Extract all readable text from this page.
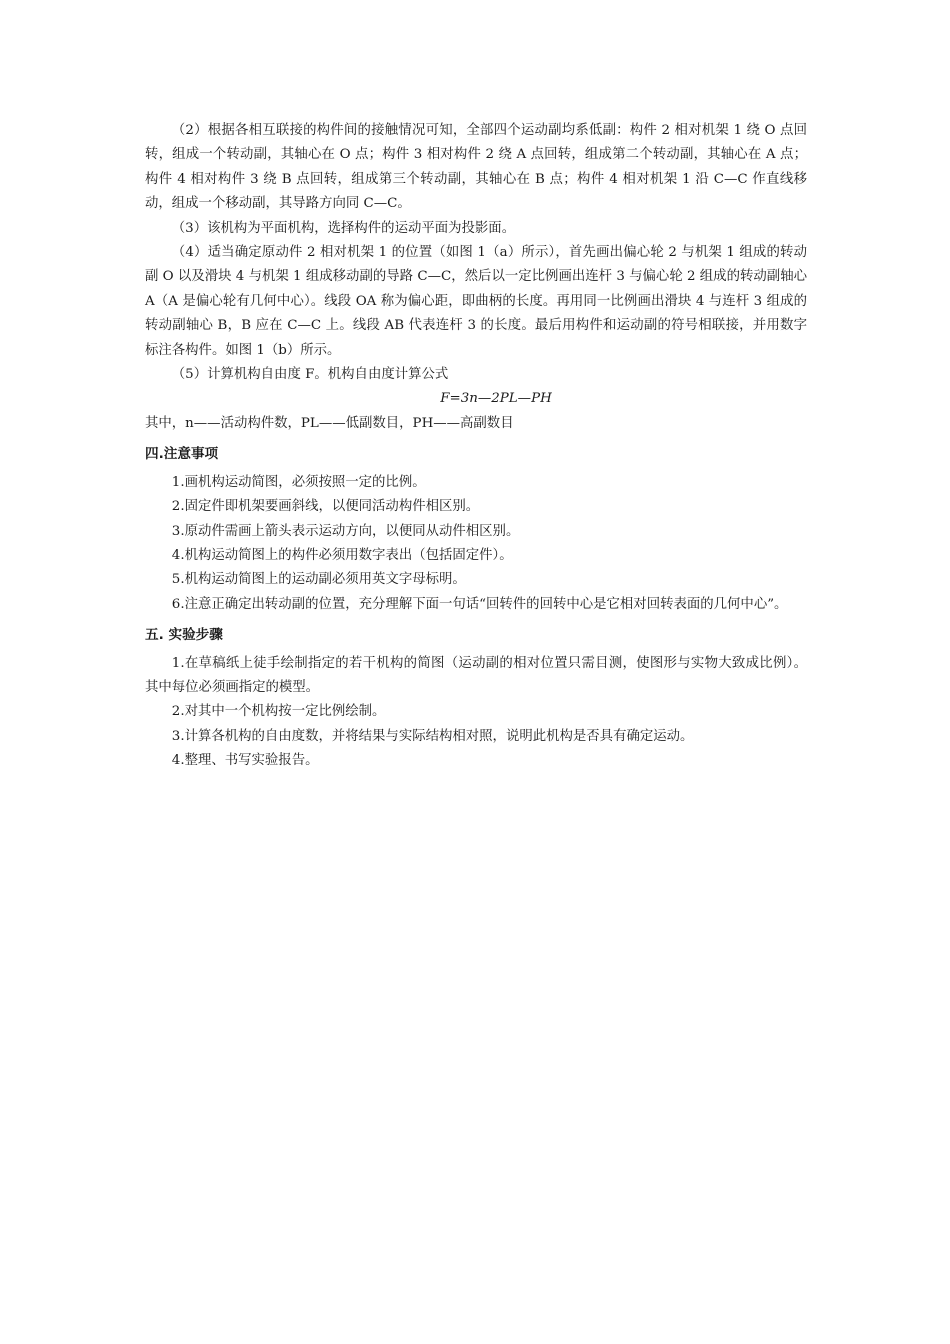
（2）根据各相互联接的构件间的接触情况可知，全部四个运动副均系低副：构件 2 相对机架 1 绕 O 点回转，组成一个转动副，其轴心在 O 点；构件 3 相对构件 2 绕 A 点回转，组成第二个转动副，其轴心在 A 点；构件 4 相对构件 3 绕 B 点回转，组成第三个转动副，其轴心在 B 点；构件 4 相对机架 1 沿 C—C 作直线移动，组成一个移动副，其导路方向同 C—C。

（3）该机构为平面机构，选择构件的运动平面为投影面。

（4）适当确定原动件 2 相对机架 1 的位置（如图 1（a）所示），首先画出偏心轮 2 与机架 1 组成的转动副 O 以及滑块 4 与机架 1 组成移动副的导路 C—C，然后以一定比例画出连杆 3 与偏心轮 2 组成的转动副轴心 A（A 是偏心轮有几何中心）。线段 OA 称为偏心距，即曲柄的长度。再用同一比例画出滑块 4 与连杆 3 组成的转动副轴心 B，B 应在 C—C 上。线段 AB 代表连杆 3 的长度。最后用构件和运动副的符号相联接，并用数字标注各构件。如图 1（b）所示。

（5）计算机构自由度 F。机构自由度计算公式

F=3n—2PL—PH

其中，n——活动构件数，PL——低副数目，PH——高副数目

四.注意事项

1.画机构运动简图，必须按照一定的比例。

2.固定件即机架要画斜线，以便同活动构件相区别。

3.原动件需画上箭头表示运动方向，以便同从动件相区别。

4.机构运动简图上的构件必须用数字表出（包括固定件）。

5.机构运动简图上的运动副必须用英文字母标明。

6.注意正确定出转动副的位置，充分理解下面一句话“回转件的回转中心是它相对回转表面的几何中心”。

五. 实验步骤

1.在草稿纸上徒手绘制指定的若干机构的简图（运动副的相对位置只需目测，使图形与实物大致成比例）。其中每位必须画指定的模型。

2.对其中一个机构按一定比例绘制。

3.计算各机构的自由度数，并将结果与实际结构相对照，说明此机构是否具有确定运动。

4.整理、书写实验报告。
